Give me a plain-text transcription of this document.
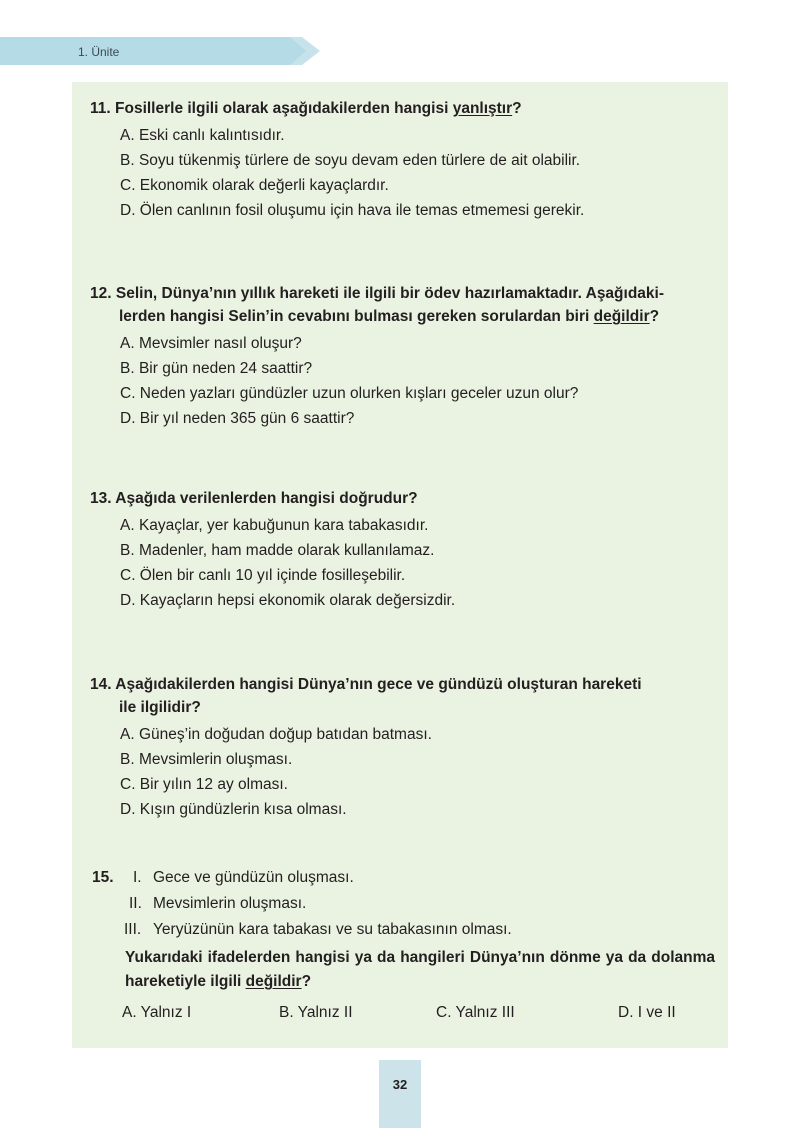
1. Ünite

11. Fosillerle ilgili olarak aşağıdakilerden hangisi yanlıştır?

A. Eski canlı kalıntısıdır.

B. Soyu tükenmiş türlere de soyu devam eden türlere de ait olabilir.

C. Ekonomik olarak değerli kayaçlardır.

D. Ölen canlının fosil oluşumu için hava ile temas etmemesi gerekir.

12. Selin, Dünya’nın yıllık hareketi ile ilgili bir ödev hazırlamaktadır. Aşağıdaki-
lerden hangisi Selin’in cevabını bulması gereken sorulardan biri değildir?

A. Mevsimler nasıl oluşur?

B. Bir gün neden 24 saattir?

C. Neden yazları gündüzler uzun olurken kışları geceler uzun olur?

D. Bir yıl neden 365 gün 6 saattir?

13. Aşağıda verilenlerden hangisi doğrudur?

A. Kayaçlar, yer kabuğunun kara tabakasıdır.

B. Madenler, ham madde olarak kullanılamaz.

C. Ölen bir canlı 10 yıl içinde fosilleşebilir.

D. Kayaçların hepsi ekonomik olarak değersizdir.

14. Aşağıdakilerden hangisi Dünya’nın gece ve gündüzü oluşturan hareketi
ile ilgilidir?

A. Güneş’in doğudan doğup batıdan batması.

B. Mevsimlerin oluşması.

C. Bir yılın 12 ay olması.

D. Kışın gündüzlerin kısa olması.

15. I. Gece ve gündüzün oluşması.

II. Mevsimlerin oluşması.

III. Yeryüzünün kara tabakası ve su tabakasının olması.

Yukarıdaki ifadelerden hangisi ya da hangileri Dünya’nın dönme ya da dolanma hareketiyle ilgili değildir?

A. Yalnız I	B. Yalnız II	C. Yalnız III	D. I ve II
32
